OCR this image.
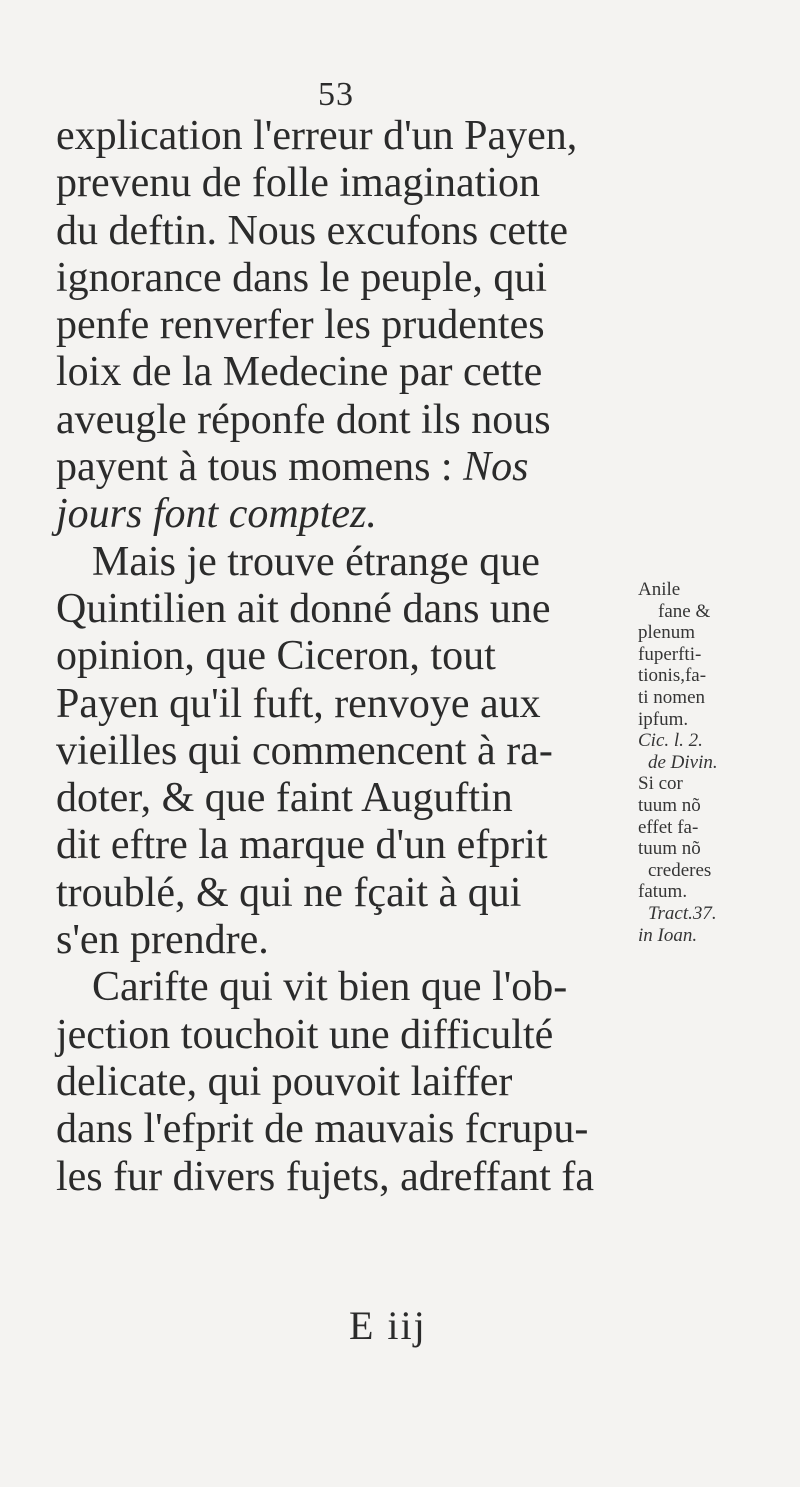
53
explication l'erreur d'un Payen,
prevenu de folle imagination
du deftin. Nous excufons cette
ignorance dans le peuple, qui
penfe renverfer les prudentes
loix de la Medecine par cette
aveugle réponfe dont ils nous
payent à tous momens : Nos
jours font comptez.
Mais je trouve étrange que
Quintilien ait donné dans une
opinion, que Ciceron, tout
Payen qu'il fuft, renvoye aux
vieilles qui commencent à ra-
doter, & que faint Auguftin
dit eftre la marque d'un efprit
troublé, & qui ne fçait à qui
s'en prendre.
Carifte qui vit bien que l'ob-
jection touchoit une difficulté
delicate, qui pouvoit laiffer
dans l'efprit de mauvais fcrupu-
les fur divers fujets, adreffant fa
Anile
fane &
plenum
fuperfti-
tionis,fa-
ti nomen
ipfum.
Cic. l. 2.
de Divin.
Si cor
tuum nõ
effet fa-
tuum nõ
crederes
fatum.
Tract.37.
in Ioan.
E iij
